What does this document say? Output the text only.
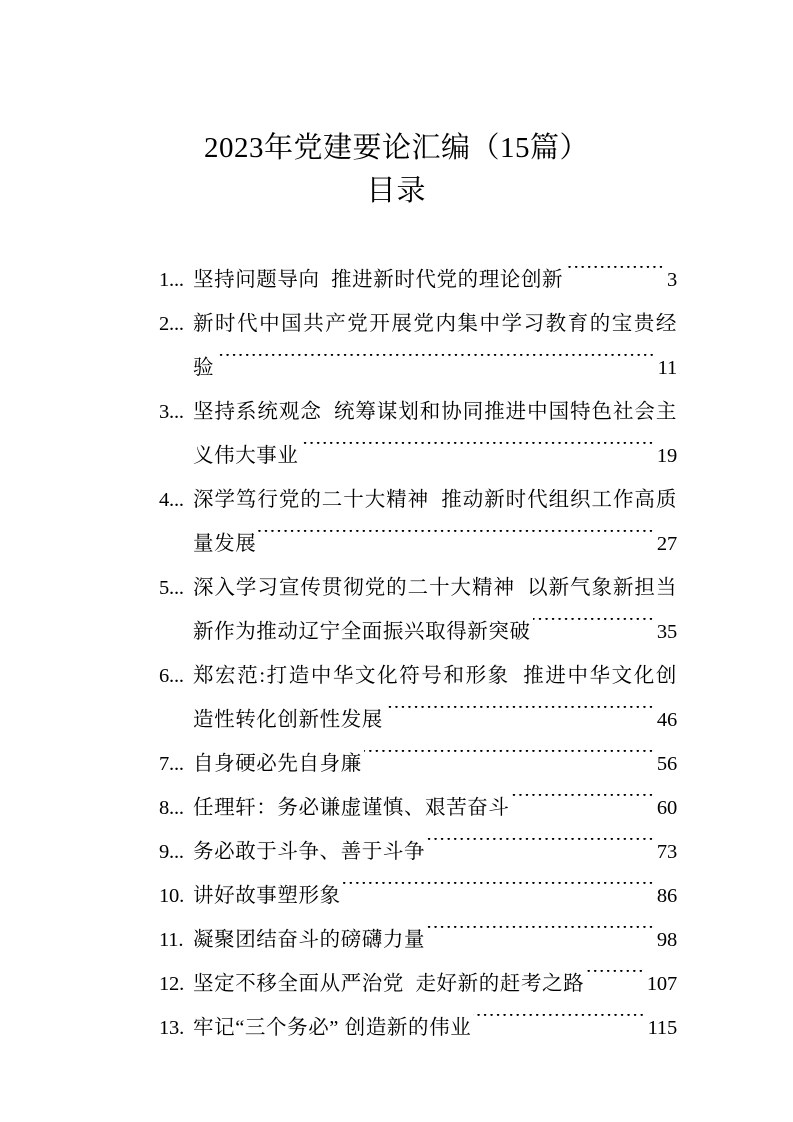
2023年党建要论汇编（15篇）
目录
1... 坚持问题导向  推进新时代党的理论创新 .....	3
2... 新时代中国共产党开展党内集中学习教育的宝贵经
验 .....	11
3... 坚持系统观念  统筹谋划和协同推进中国特色社会主
义伟大事业 .....	19
4... 深学笃行党的二十大精神  推动新时代组织工作高质
量发展 .....	27
5... 深入学习宣传贯彻党的二十大精神  以新气象新担当
新作为推动辽宁全面振兴取得新突破 .....	35
6... 郑宏范:打造中华文化符号和形象  推进中华文化创
造性转化创新性发展 .....	46
7... 自身硬必先自身廉 .....	56
8... 任理轩：务必谦虚谨慎、艰苦奋斗 .....	60
9... 务必敢于斗争、善于斗争 .....	73
10. 讲好故事塑形象 .....	86
11. 凝聚团结奋斗的磅礴力量 .....	98
12. 坚定不移全面从严治党  走好新的赶考之路 .....	107
13. 牢记“三个务必” 创造新的伟业 .....	115
